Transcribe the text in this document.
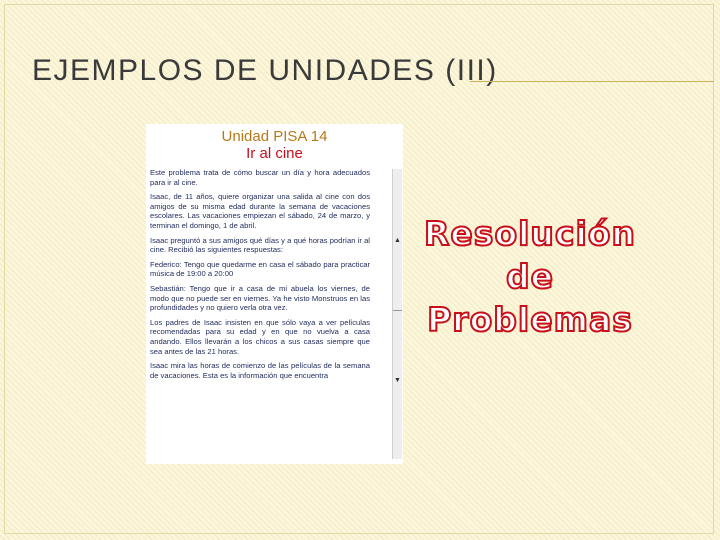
EJEMPLOS DE UNIDADES (III)
Unidad PISA 14
Ir al cine

Este problema trata de cómo buscar un día y hora adecuados para ir al cine.

Isaac, de 11 años, quiere organizar una salida al cine con dos amigos de su misma edad durante la semana de vacaciones escolares. Las vacaciones empiezan el sábado, 24 de marzo, y terminan el domingo, 1 de abril.

Isaac preguntó a sus amigos qué días y a qué horas podrían ir al cine. Recibió las siguientes respuestas:

Federico: Tengo que quedarme en casa el sábado para practicar música de 19:00 a 20:00

Sebastián: Tengo que ir a casa de mi abuela los viernes, de modo que no puede ser en viernes. Ya he visto Monstruos en las profundidades y no quiero verla otra vez.

Los padres de Isaac insisten en que sólo vaya a ver películas recomendadas para su edad y en que no vuelva a casa andando. Ellos llevarán a los chicos a sus casas siempre que sea antes de las 21 horas.

Isaac mira las horas de comienzo de las películas de la semana de vacaciones. Esta es la información que encuentra

▲
▼
Resolución
de
Problemas
